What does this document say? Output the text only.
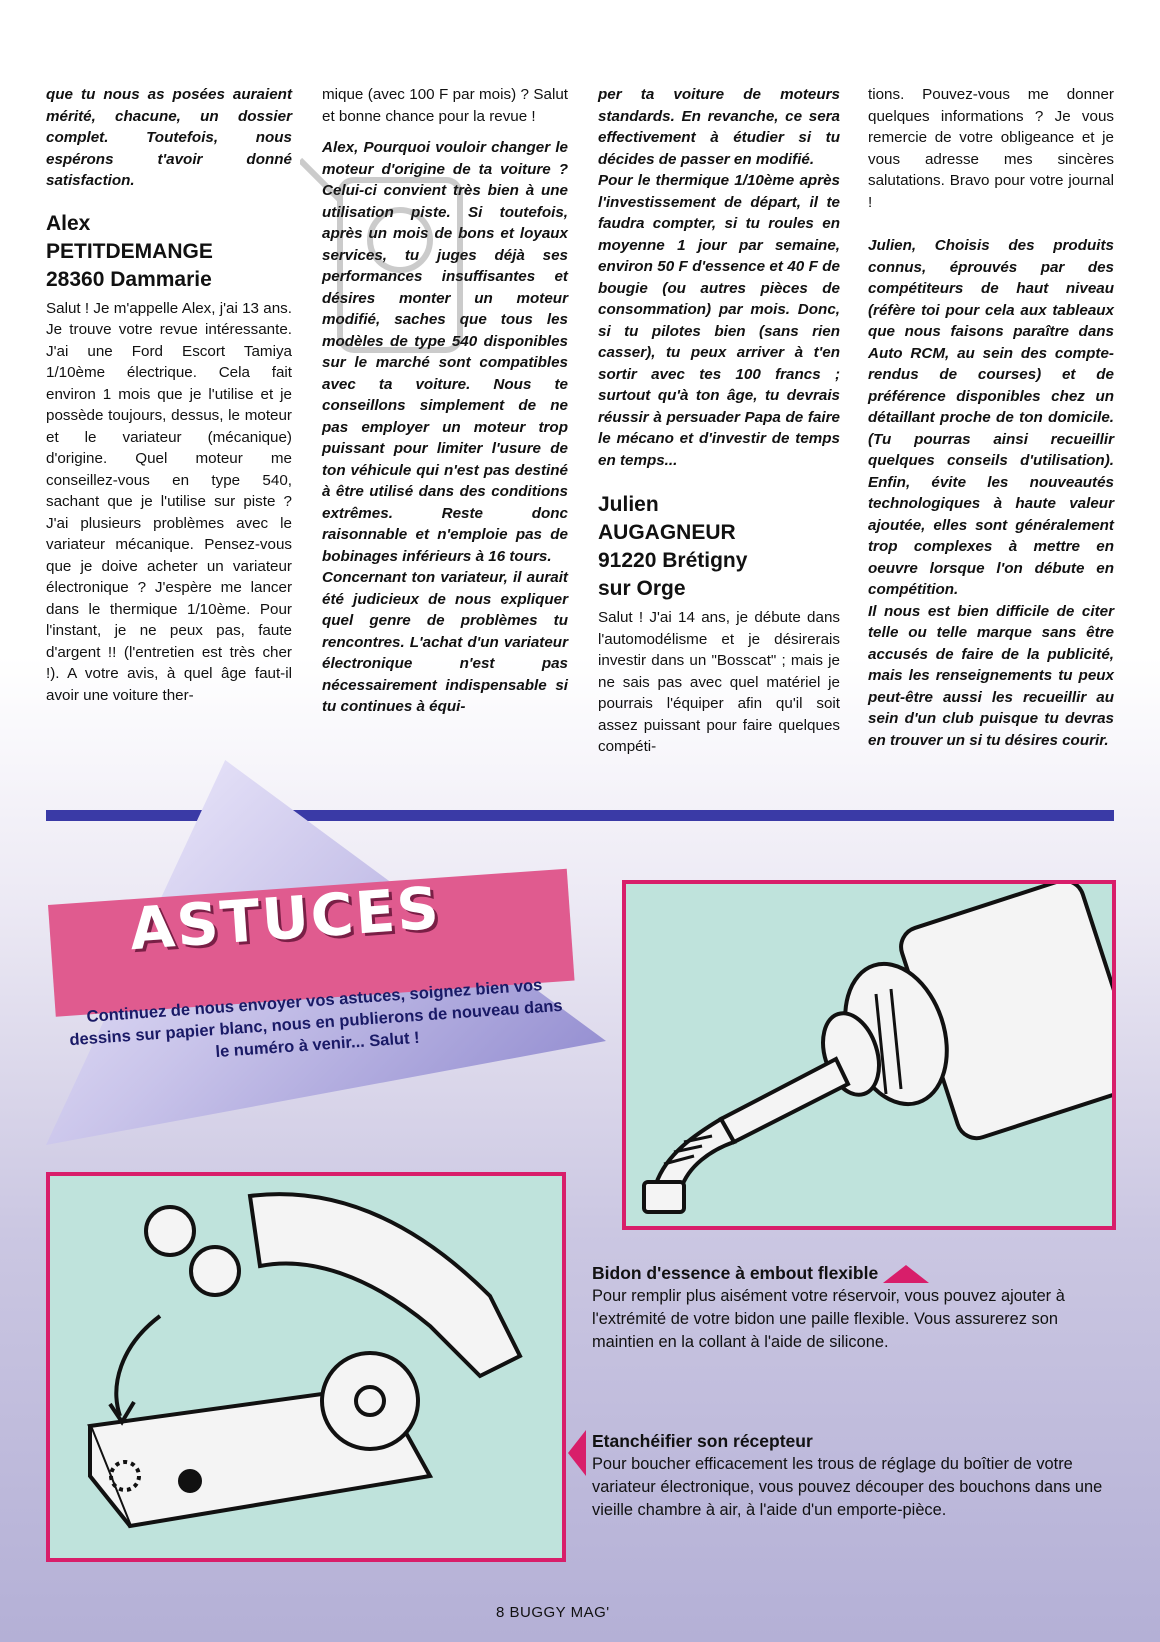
que tu nous as posées auraient mérité, chacune, un dossier complet. Toutefois, nous espérons t'avoir donné satisfaction.

Alex
PETITDEMANGE
28360 Dammarie

Salut ! Je m'appelle Alex, j'ai 13 ans. Je trouve votre revue intéressante. J'ai une Ford Escort Tamiya 1/10ème électrique. Cela fait environ 1 mois que je l'utilise et je possède toujours, dessus, le moteur et le variateur (mécanique) d'origine. Quel moteur me conseillez-vous en type 540, sachant que je l'utilise sur piste ? J'ai plusieurs problèmes avec le variateur mécanique. Pensez-vous que je doive acheter un variateur électronique ? J'espère me lancer dans le thermique 1/10ème. Pour l'instant, je ne peux pas, faute d'argent !! (l'entretien est très cher !). A votre avis, à quel âge faut-il avoir une voiture ther-

mique (avec 100 F par mois) ? Salut et bonne chance pour la revue !

Alex, Pourquoi vouloir changer le moteur d'origine de ta voiture ? Celui-ci convient très bien à une utilisation piste. Si toutefois, après un mois de bons et loyaux services, tu juges déjà ses performances insuffisantes et désires monter un moteur modifié, saches que tous les modèles de type 540 disponibles sur le marché sont compatibles avec ta voiture. Nous te conseillons simplement de ne pas employer un moteur trop puissant pour limiter l'usure de ton véhicule qui n'est pas destiné à être utilisé dans des conditions extrêmes. Reste donc raisonnable et n'emploie pas de bobinages inférieurs à 16 tours.

Concernant ton variateur, il aurait été judicieux de nous expliquer quel genre de problèmes tu rencontres. L'achat d'un variateur électronique n'est pas nécessairement indispensable si tu continues à équi-

per ta voiture de moteurs standards. En revanche, ce sera effectivement à étudier si tu décides de passer en modifié.

Pour le thermique 1/10ème après l'investissement de départ, il te faudra compter, si tu roules en moyenne 1 jour par semaine, environ 50 F d'essence et 40 F de bougie (ou autres pièces de consommation) par mois. Donc, si tu pilotes bien (sans rien casser), tu peux arriver à t'en sortir avec tes 100 francs ; surtout qu'à ton âge, tu devrais réussir à persuader Papa de faire le mécano et d'investir de temps en temps...

Julien
AUGAGNEUR
91220 Brétigny
sur Orge

Salut ! J'ai 14 ans, je débute dans l'automodélisme et je désirerais investir dans un "Bosscat" ; mais je ne sais pas avec quel matériel je pourrais l'équiper afin qu'il soit assez puissant pour faire quelques compéti-

tions. Pouvez-vous me donner quelques informations ? Je vous remercie de votre obligeance et je vous adresse mes sincères salutations. Bravo pour votre journal !

Julien, Choisis des produits connus, éprouvés par des compétiteurs de haut niveau (réfère toi pour cela aux tableaux que nous faisons paraître dans Auto RCM, au sein des compte-rendus de courses) et de préférence disponibles chez un détaillant proche de ton domicile. (Tu pourras ainsi recueillir quelques conseils d'utilisation). Enfin, évite les nouveautés technologiques à haute valeur ajoutée, elles sont généralement trop complexes à mettre en oeuvre lorsque l'on débute en compétition.

Il nous est bien difficile de citer telle ou telle marque sans être accusés de faire de la publicité, mais les renseignements tu peux peut-être aussi les recueillir au sein d'un club puisque tu devras en trouver un si tu désires courir.

ASTUCES
Continuez de nous envoyer vos astuces, soignez bien vos dessins sur papier blanc, nous en publierons de nouveau dans le numéro à venir... Salut !
Bidon d'essence à embout flexible

Pour remplir plus aisément votre réservoir, vous pouvez ajouter à l'extrémité de votre bidon une paille flexible. Vous assurerez son maintien en la collant à l'aide de silicone.

Etanchéifier son récepteur

Pour boucher efficacement les trous de réglage du boîtier de votre variateur électronique, vous pouvez découper des bouchons dans une vieille chambre à air, à l'aide d'un emporte-pièce.

8 BUGGY MAG'
